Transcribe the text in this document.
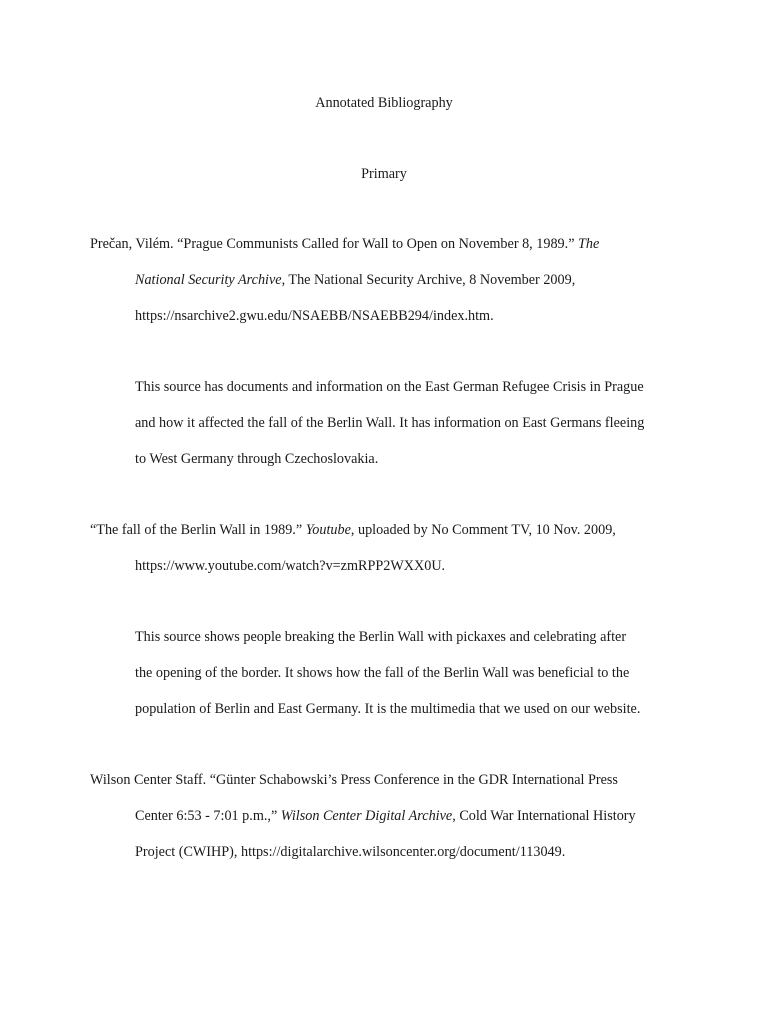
Annotated Bibliography
Primary
Prečan, Vilém. “Prague Communists Called for Wall to Open on November 8, 1989.” The
National Security Archive, The National Security Archive, 8 November 2009,
https://nsarchive2.gwu.edu/NSAEBB/NSAEBB294/index.htm.
This source has documents and information on the East German Refugee Crisis in Prague
and how it affected the fall of the Berlin Wall. It has information on East Germans fleeing
to West Germany through Czechoslovakia.
“The fall of the Berlin Wall in 1989.” Youtube, uploaded by No Comment TV, 10 Nov. 2009,
https://www.youtube.com/watch?v=zmRPP2WXX0U.
This source shows people breaking the Berlin Wall with pickaxes and celebrating after
the opening of the border. It shows how the fall of the Berlin Wall was beneficial to the
population of Berlin and East Germany. It is the multimedia that we used on our website.
Wilson Center Staff. “Günter Schabowski’s Press Conference in the GDR International Press
Center 6:53 - 7:01 p.m.,” Wilson Center Digital Archive, Cold War International History
Project (CWIHP), https://digitalarchive.wilsoncenter.org/document/113049.
